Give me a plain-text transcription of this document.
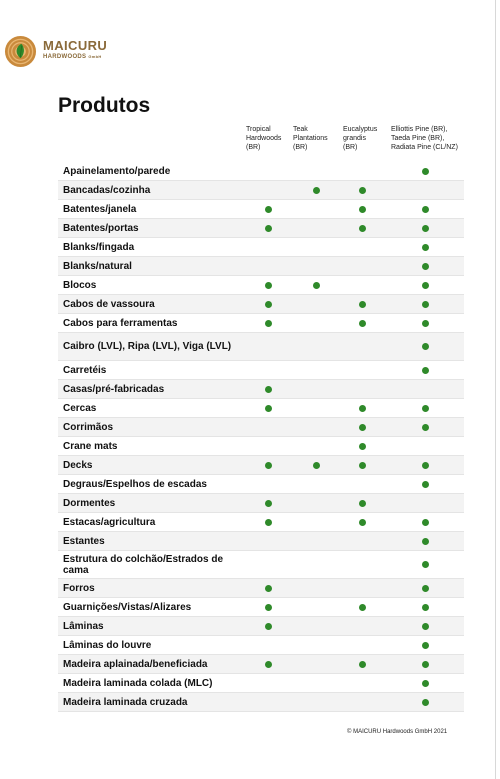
MAICURU
HARDWOODS GmbH
Produtos
Tropical
Hardwoods
(BR)
Teak
Plantations
(BR)
Eucalyptus
grandis
(BR)
Elliottis Pine (BR),
Taeda Pine (BR),
Radiata Pine (CL/NZ)
Apainelamento/parede
Bancadas/cozinha
Batentes/janela
Batentes/portas
Blanks/fingada
Blanks/natural
Blocos
Cabos de vassoura
Cabos para ferramentas
Caibro (LVL), Ripa (LVL), Viga (LVL)
Carretéis
Casas/pré-fabricadas
Cercas
Corrimãos
Crane mats
Decks
Degraus/Espelhos de escadas
Dormentes
Estacas/agricultura
Estantes
Estrutura do colchão/Estrados de cama
Forros
Guarnições/Vistas/Alizares
Lâminas
Lâminas do louvre
Madeira aplainada/beneficiada
Madeira laminada colada (MLC)
Madeira laminada cruzada
© MAICURU Hardwoods GmbH 2021
